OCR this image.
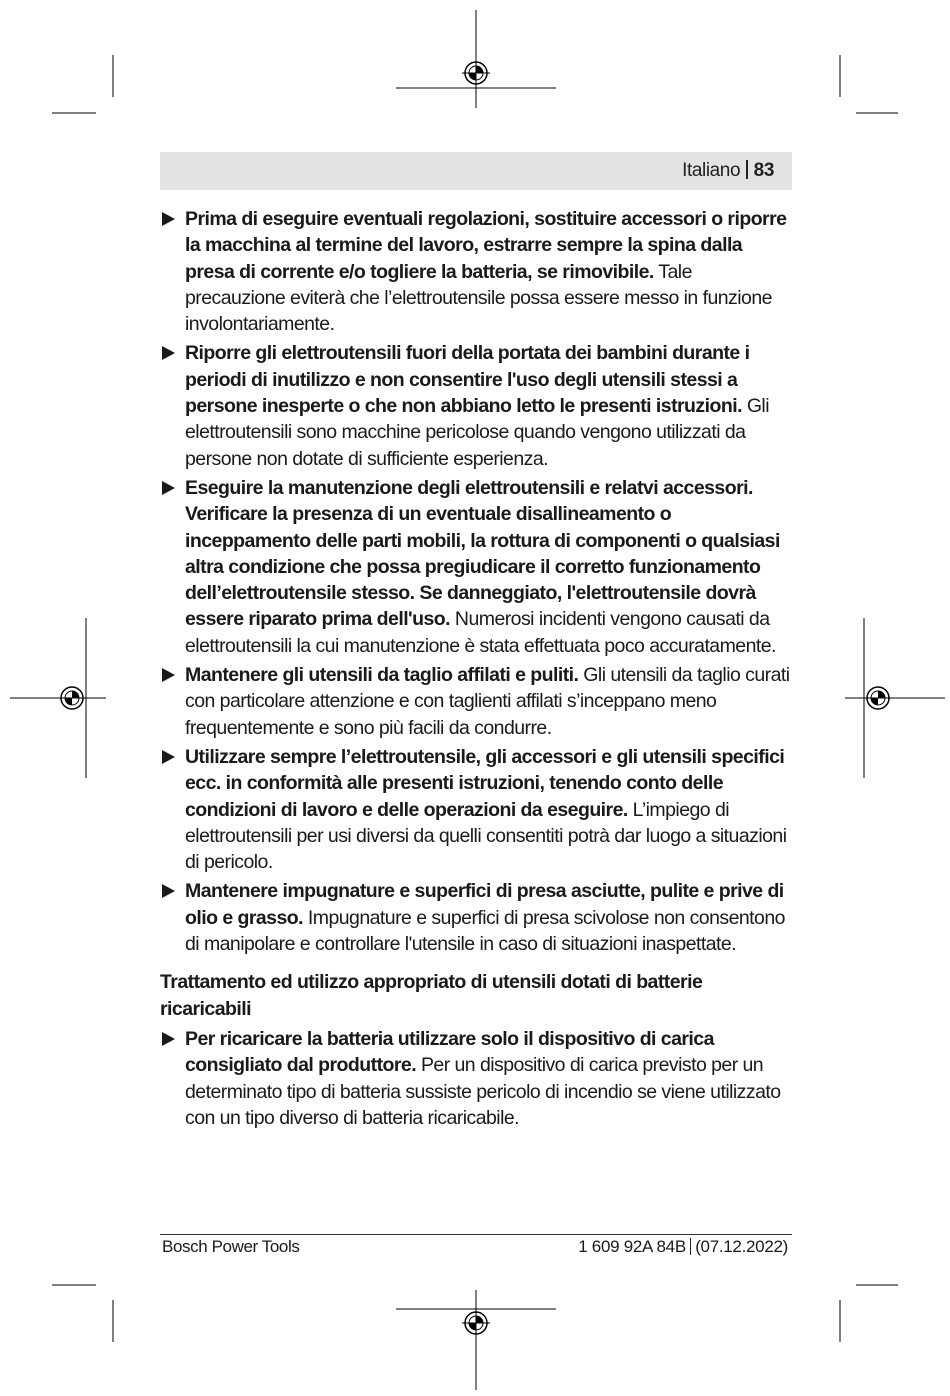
Italiano 83
Prima di eseguire eventuali regolazioni, sostituire accessori o riporre la macchina al termine del lavoro, estrarre sempre la spina dalla presa di corrente e/o togliere la batteria, se rimovibile. Tale precauzione eviterà che l’elettroutensile possa essere messo in funzione involontariamente.
Riporre gli elettroutensili fuori della portata dei bambini durante i periodi di inutilizzo e non consentire l'uso degli utensili stessi a persone inesperte o che non abbiano letto le presenti istruzioni. Gli elettroutensili sono macchine pericolose quando vengono utilizzati da persone non dotate di sufficiente esperienza.
Eseguire la manutenzione degli elettroutensili e relatvi accessori. Verificare la presenza di un eventuale disallineamento o inceppamento delle parti mobili, la rottura di componenti o qualsiasi altra condizione che possa pregiudicare il corretto funzionamento dell’elettroutensile stesso. Se danneggiato, l'elettroutensile dovrà essere riparato prima dell'uso. Numerosi incidenti vengono causati da elettroutensili la cui manutenzione è stata effettuata poco accuratamente.
Mantenere gli utensili da taglio affilati e puliti. Gli utensili da taglio curati con particolare attenzione e con taglienti affilati s’inceppano meno frequentemente e sono più facili da condurre.
Utilizzare sempre l’elettroutensile, gli accessori e gli utensili specifici ecc. in conformità alle presenti istruzioni, tenendo conto delle condizioni di lavoro e delle operazioni da eseguire. L’impiego di elettroutensili per usi diversi da quelli consentiti potrà dar luogo a situazioni di pericolo.
Mantenere impugnature e superfici di presa asciutte, pulite e prive di olio e grasso. Impugnature e superfici di presa scivolose non consentono di manipolare e controllare l'utensile in caso di situazioni inaspettate.
Trattamento ed utilizzo appropriato di utensili dotati di batterie ricaricabili
Per ricaricare la batteria utilizzare solo il dispositivo di carica consigliato dal produttore. Per un dispositivo di carica previsto per un determinato tipo di batteria sussiste pericolo di incendio se viene utilizzato con un tipo diverso di batteria ricaricabile.
Bosch Power Tools	1 609 92A 84B (07.12.2022)
